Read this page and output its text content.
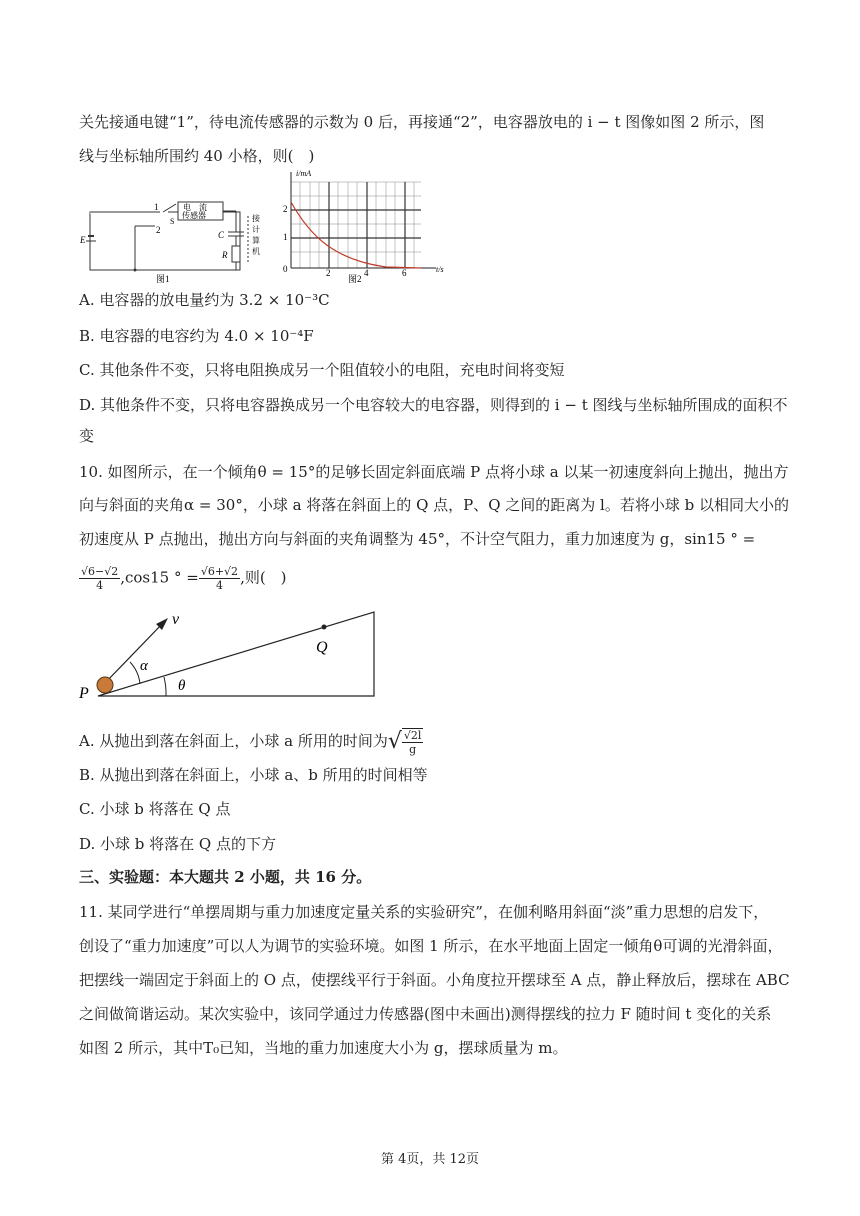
关先接通电键“1”，待电流传感器的示数为 0 后，再接通“2”，电容器放电的 i − t 图像如图 2 所示，图
线与坐标轴所围约 40 小格，则(　)
1
2
S
电　流
传感器
E	C
R
接
计
算
机
图1
i/mA
t/s
2
1
0	2	4	6
图2
A. 电容器的放电量约为 3.2 × 10⁻³C
B. 电容器的电容约为 4.0 × 10⁻⁴F
C. 其他条件不变，只将电阻换成另一个阻值较小的电阻，充电时间将变短
D. 其他条件不变，只将电容器换成另一个电容较大的电容器，则得到的 i − t 图线与坐标轴所围成的面积不
变
10. 如图所示，在一个倾角θ = 15°的足够长固定斜面底端 P 点将小球 a 以某一初速度斜向上抛出，抛出方
向与斜面的夹角α = 30°，小球 a 将落在斜面上的 Q 点，P、Q 之间的距离为 l。若将小球 b 以相同大小的
初速度从 P 点抛出，抛出方向与斜面的夹角调整为 45°，不计空气阻力，重力加速度为 g，sin15 ° =
$\frac{√6-√2}{4} ,\cos 15$ ° = $\frac{√6+√2}{4}$ ,则(　)
v
Q
α
θ
P
A. 从抛出到落在斜面上，小球 a 所用的时间为√ $\frac{√2l}{g}$
B. 从抛出到落在斜面上，小球 a、b 所用的时间相等
C. 小球 b 将落在 Q 点
D. 小球 b 将落在 Q 点的下方
三、实验题：本大题共 2 小题，共 16 分。
11. 某同学进行“单摆周期与重力加速度定量关系的实验研究”，在伽利略用斜面“淡”重力思想的启发下，
创设了“重力加速度”可以人为调节的实验环境。如图 1 所示，在水平地面上固定一倾角θ可调的光滑斜面，
把摆线一端固定于斜面上的 O 点，使摆线平行于斜面。小角度拉开摆球至 A 点，静止释放后，摆球在 ABC
之间做简谐运动。某次实验中，该同学通过力传感器(图中未画出)测得摆线的拉力 F 随时间 t 变化的关系
如图 2 所示，其中T₀已知，当地的重力加速度大小为 g，摆球质量为 m。
第 4页，共 12页
